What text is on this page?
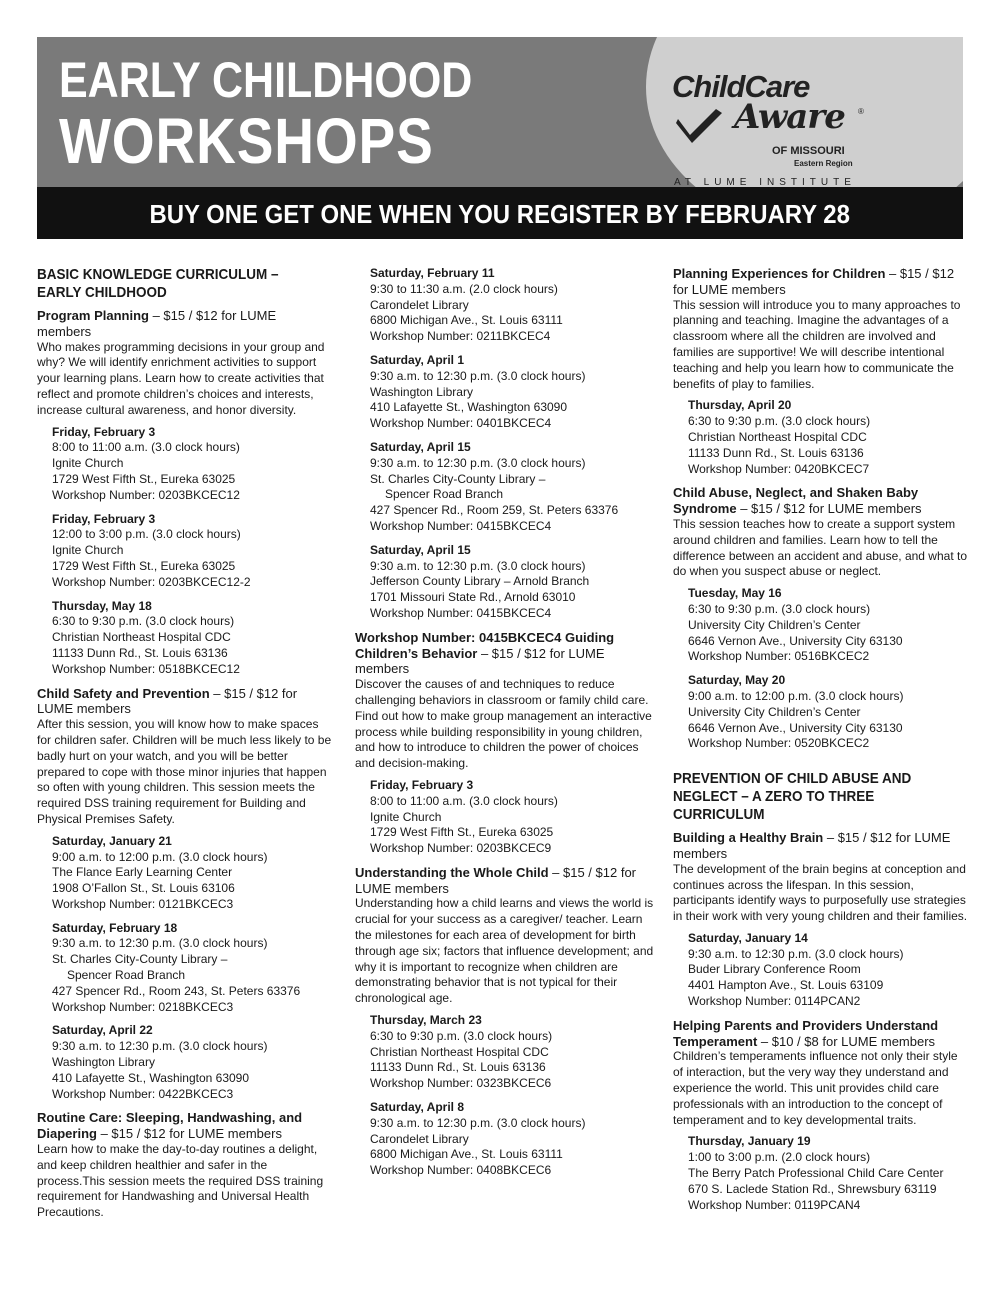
EARLY CHILDHOOD
WORKSHOPS
ChildCare
Aware ®
OF MISSOURI
Eastern Region
AT LUME INSTITUTE
BUY ONE GET ONE WHEN YOU REGISTER BY FEBRUARY 28
BASIC KNOWLEDGE CURRICULUM – EARLY CHILDHOOD
Program Planning – $15 / $12 for LUME members
Who makes programming decisions in your group and why? We will identify enrichment activities to support your learning plans. Learn how to create activities that reflect and promote children’s choices and interests, increase cultural awareness, and honor diversity.
Friday, February 3
8:00 to 11:00 a.m. (3.0 clock hours)
Ignite Church
1729 West Fifth St., Eureka 63025
Workshop Number: 0203BKCEC12
Friday, February 3
12:00 to 3:00 p.m. (3.0 clock hours)
Ignite Church
1729 West Fifth St., Eureka 63025
Workshop Number: 0203BKCEC12-2
Thursday, May 18
6:30 to 9:30 p.m. (3.0 clock hours)
Christian Northeast Hospital CDC
11133 Dunn Rd., St. Louis 63136
Workshop Number: 0518BKCEC12
Child Safety and Prevention – $15 / $12 for LUME members
After this session, you will know how to make spaces for children safer. Children will be much less likely to be badly hurt on your watch, and you will be better prepared to cope with those minor injuries that happen so often with young children. This session meets the required DSS training requirement for Building and Physical Premises Safety.
Saturday, January 21
9:00 a.m. to 12:00 p.m. (3.0 clock hours)
The Flance Early Learning Center
1908 O’Fallon St., St. Louis 63106
Workshop Number: 0121BKCEC3
Saturday, February 18
9:30 a.m. to 12:30 p.m. (3.0 clock hours)
St. Charles City-County Library –
Spencer Road Branch
427 Spencer Rd., Room 243, St. Peters 63376
Workshop Number: 0218BKCEC3
Saturday, April 22
9:30 a.m. to 12:30 p.m. (3.0 clock hours)
Washington Library
410 Lafayette St., Washington 63090
Workshop Number: 0422BKCEC3
Routine Care: Sleeping, Handwashing, and Diapering – $15 / $12 for LUME members
Learn how to make the day-to-day routines a delight, and keep children healthier and safer in the process.This session meets the required DSS training requirement for Handwashing and Universal Health Precautions.
Saturday, February 11
9:30 to 11:30 a.m. (2.0 clock hours)
Carondelet Library
6800 Michigan Ave., St. Louis 63111
Workshop Number: 0211BKCEC4
Saturday, April 1
9:30 a.m. to 12:30 p.m. (3.0 clock hours)
Washington Library
410 Lafayette St., Washington 63090
Workshop Number: 0401BKCEC4
Saturday, April 15
9:30 a.m. to 12:30 p.m. (3.0 clock hours)
St. Charles City-County Library –
Spencer Road Branch
427 Spencer Rd., Room 259, St. Peters 63376
Workshop Number: 0415BKCEC4
Saturday, April 15
9:30 a.m. to 12:30 p.m. (3.0 clock hours)
Jefferson County Library – Arnold Branch
1701 Missouri State Rd., Arnold 63010
Workshop Number: 0415BKCEC4
Workshop Number: 0415BKCEC4 Guiding Children’s Behavior – $15 / $12 for LUME members
Discover the causes of and techniques to reduce challenging behaviors in classroom or family child care. Find out how to make group management an interactive process while building responsibility in young children, and how to introduce to children the power of choices and decision-making.
Friday, February 3
8:00 to 11:00 a.m. (3.0 clock hours)
Ignite Church
1729 West Fifth St., Eureka 63025
Workshop Number: 0203BKCEC9
Understanding the Whole Child – $15 / $12 for LUME members
Understanding how a child learns and views the world is crucial for your success as a caregiver/ teacher. Learn the milestones for each area of development for birth through age six; factors that influence development; and why it is important to recognize when children are demonstrating behavior that is not typical for their chronological age.
Thursday, March 23
6:30 to 9:30 p.m. (3.0 clock hours)
Christian Northeast Hospital CDC
11133 Dunn Rd., St. Louis 63136
Workshop Number: 0323BKCEC6
Saturday, April 8
9:30 a.m. to 12:30 p.m. (3.0 clock hours)
Carondelet Library
6800 Michigan Ave., St. Louis 63111
Workshop Number: 0408BKCEC6
Planning Experiences for Children – $15 / $12 for LUME members
This session will introduce you to many approaches to planning and teaching. Imagine the advantages of a classroom where all the children are involved and families are supportive! We will describe intentional teaching and help you learn how to communicate the benefits of play to families.
Thursday, April 20
6:30 to 9:30 p.m. (3.0 clock hours)
Christian Northeast Hospital CDC
11133 Dunn Rd., St. Louis 63136
Workshop Number: 0420BKCEC7
Child Abuse, Neglect, and Shaken Baby Syndrome – $15 / $12 for LUME members
This session teaches how to create a support system around children and families. Learn how to tell the difference between an accident and abuse, and what to do when you suspect abuse or neglect.
Tuesday, May 16
6:30 to 9:30 p.m. (3.0 clock hours)
University City Children’s Center
6646 Vernon Ave., University City 63130
Workshop Number: 0516BKCEC2
Saturday, May 20
9:00 a.m. to 12:00 p.m. (3.0 clock hours)
University City Children’s Center
6646 Vernon Ave., University City 63130
Workshop Number: 0520BKCEC2
PREVENTION OF CHILD ABUSE AND NEGLECT – A ZERO TO THREE CURRICULUM
Building a Healthy Brain – $15 / $12 for LUME members
The development of the brain begins at conception and continues across the lifespan. In this session, participants identify ways to purposefully use strategies in their work with very young children and their families.
Saturday, January 14
9:30 a.m. to 12:30 p.m. (3.0 clock hours)
Buder Library Conference Room
4401 Hampton Ave., St. Louis 63109
Workshop Number: 0114PCAN2
Helping Parents and Providers Understand Temperament – $10 / $8 for LUME members
Children’s temperaments influence not only their style of interaction, but the very way they understand and experience the world. This unit provides child care professionals with an introduction to the concept of temperament and to key developmental traits.
Thursday, January 19
1:00 to 3:00 p.m. (2.0 clock hours)
The Berry Patch Professional Child Care Center
670 S. Laclede Station Rd., Shrewsbury 63119
Workshop Number: 0119PCAN4
